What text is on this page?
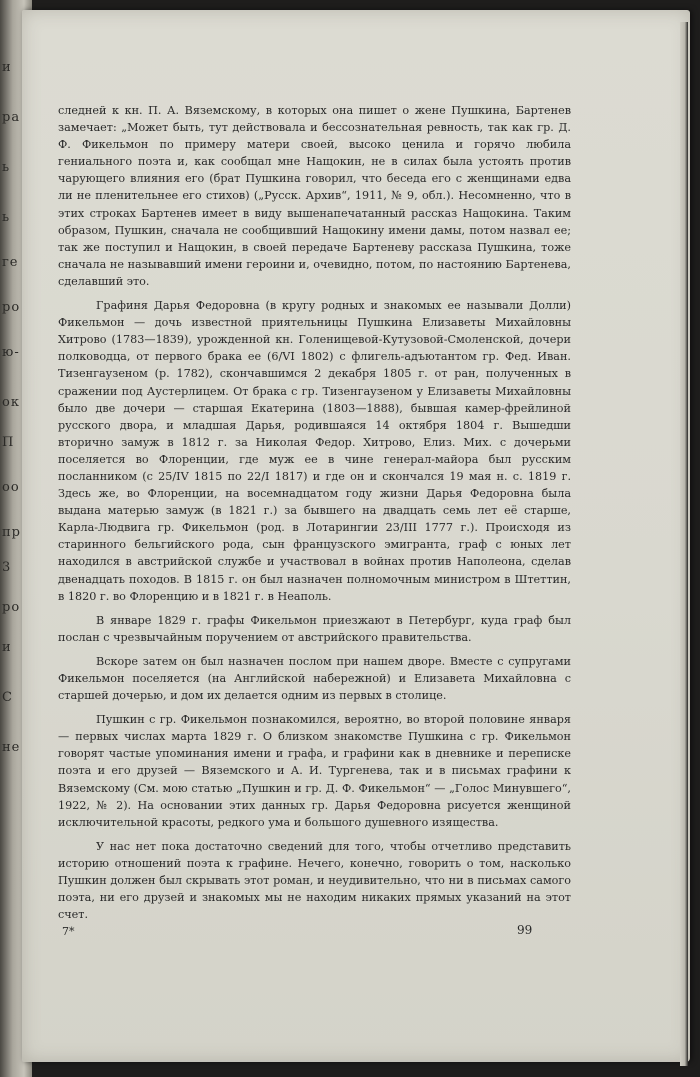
и
ра
ь
ь
ге
ро
ю-
ок
П
оо
пр
3
ро
и
С
не

следней к кн. П. А. Вяземскому, в которых она пишет о жене Пушкина, Бартенев замечает: „Может быть, тут действовала и бессознательная ревность, так как гр. Д. Ф. Фикельмон по примеру матери своей, высоко ценила и горячо любила гениального поэта и, как сообщал мне Нащокин, не в силах была устоять против чарующего влияния его (брат Пушкина говорил, что беседа его с женщинами едва ли не пленительнее его стихов) („Русск. Архив“, 1911, № 9, обл.). Несомненно, что в этих строках Бартенев имеет в виду вышенапечатанный рассказ Нащокина. Таким образом, Пушкин, сначала не сообщивший Нащокину имени дамы, потом назвал ее; так же поступил и Нащокин, в своей передаче Бартеневу рассказа Пушкина, тоже сначала не называвший имени героини и, очевидно, потом, по настоянию Бартенева, сделавший это.

Графиня Дарья Федоровна (в кругу родных и знакомых ее называли Долли) Фикельмон — дочь известной приятельницы Пушкина Елизаветы Михайловны Хитрово (1783—1839), урожденной кн. Голенищевой-Кутузовой-Смоленской, дочери полководца, от первого брака ее (6/VI 1802) с флигель-адъютантом гр. Фед. Иван. Тизенгаузеном (р. 1782), скончавшимся 2 декабря 1805 г. от ран, полученных в сражении под Аустерлицем. От брака с гр. Тизенгаузеном у Елизаветы Михайловны было две дочери — старшая Екатерина (1803—1888), бывшая камер-фрейлиной русского двора, и младшая Дарья, родившаяся 14 октября 1804 г. Вышедши вторично замуж в 1812 г. за Николая Федор. Хитрово, Елиз. Мих. с дочерьми поселяется во Флоренции, где муж ее в чине генерал-майора был русским посланником (с 25/IV 1815 по 22/I 1817) и где он и скончался 19 мая н. с. 1819 г. Здесь же, во Флоренции, на восемнадцатом году жизни Дарья Федоровна была выдана матерью замуж (в 1821 г.) за бывшего на двадцать семь лет её старше, Карла-Людвига гр. Фикельмон (род. в Лотарингии 23/III 1777 г.). Происходя из старинного бельгийского рода, сын французского эмигранта, граф с юных лет находился в австрийской службе и участвовал в войнах против Наполеона, сделав двенадцать походов. В 1815 г. он был назначен полномочным министром в Штеттин, в 1820 г. во Флоренцию и в 1821 г. в Неаполь.

В январе 1829 г. графы Фикельмон приезжают в Петербург, куда граф был послан с чрезвычайным поручением от австрийского правительства.

Вскоре затем он был назначен послом при нашем дворе. Вместе с супругами Фикельмон поселяется (на Английской набережной) и Елизавета Михайловна с старшей дочерью, и дом их делается одним из первых в столице.

Пушкин с гр. Фикельмон познакомился, вероятно, во второй половине января — первых числах марта 1829 г. О близком знакомстве Пушкина с гр. Фикельмон говорят частые упоминания имени и графа, и графини как в дневнике и переписке поэта и его друзей — Вяземского и А. И. Тургенева, так и в письмах графини к Вяземскому (См. мою статью „Пушкин и гр. Д. Ф. Фикельмон“ — „Голос Минувшего“, 1922, № 2). На основании этих данных гр. Дарья Федоровна рисуется женщиной исключительной красоты, редкого ума и большого душевного изящества.

У нас нет пока достаточно сведений для того, чтобы отчетливо представить историю отношений поэта к графине. Нечего, конечно, говорить о том, насколько Пушкин должен был скрывать этот роман, и неудивительно, что ни в письмах самого поэта, ни его друзей и знакомых мы не находим никаких прямых указаний на этот счет.

7*	99
